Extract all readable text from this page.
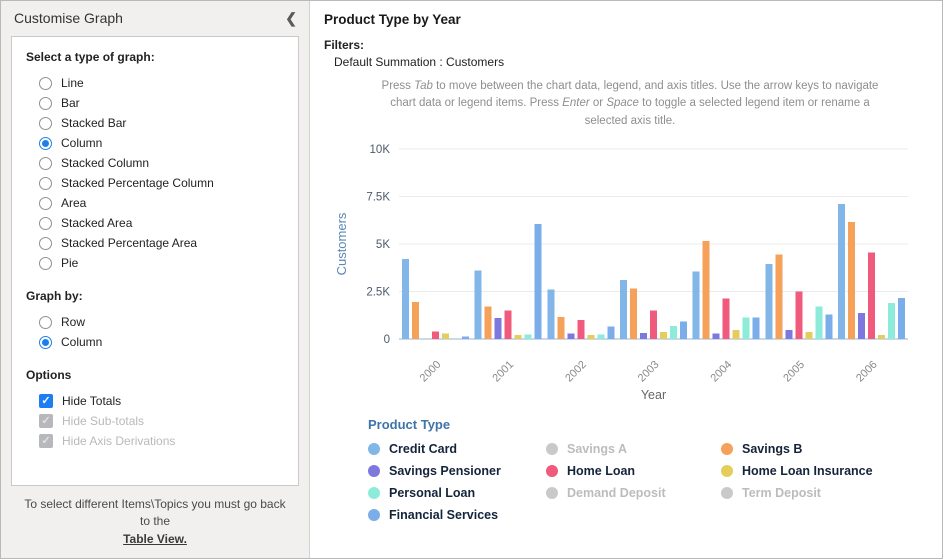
Customise Graph	❮
Select a type of graph:
Line
Bar
Stacked Bar
Column
Stacked Column
Stacked Percentage Column
Area
Stacked Area
Stacked Percentage Area
Pie
Graph by:
Row
Column
Options
✓ Hide Totals
✓ Hide Sub-totals
✓ Hide Axis Derivations
To select different Items\Topics you must go back to the
Table View.
Product Type by Year
Filters:
Default Summation : Customers

Press Tab to move between the chart data, legend, and axis titles. Use the arrow keys to navigate chart data or legend items. Press Enter or Space to toggle a selected legend item or rename a selected axis title.

0
2.5K
5K
7.5K
10K
Customers
2000	2001	2002	2003	2004	2005	2006
Year
Product Type
Credit Card	Savings A	Savings B
Savings Pensioner	Home Loan	Home Loan Insurance
Personal Loan	Demand Deposit	Term Deposit
Financial Services
